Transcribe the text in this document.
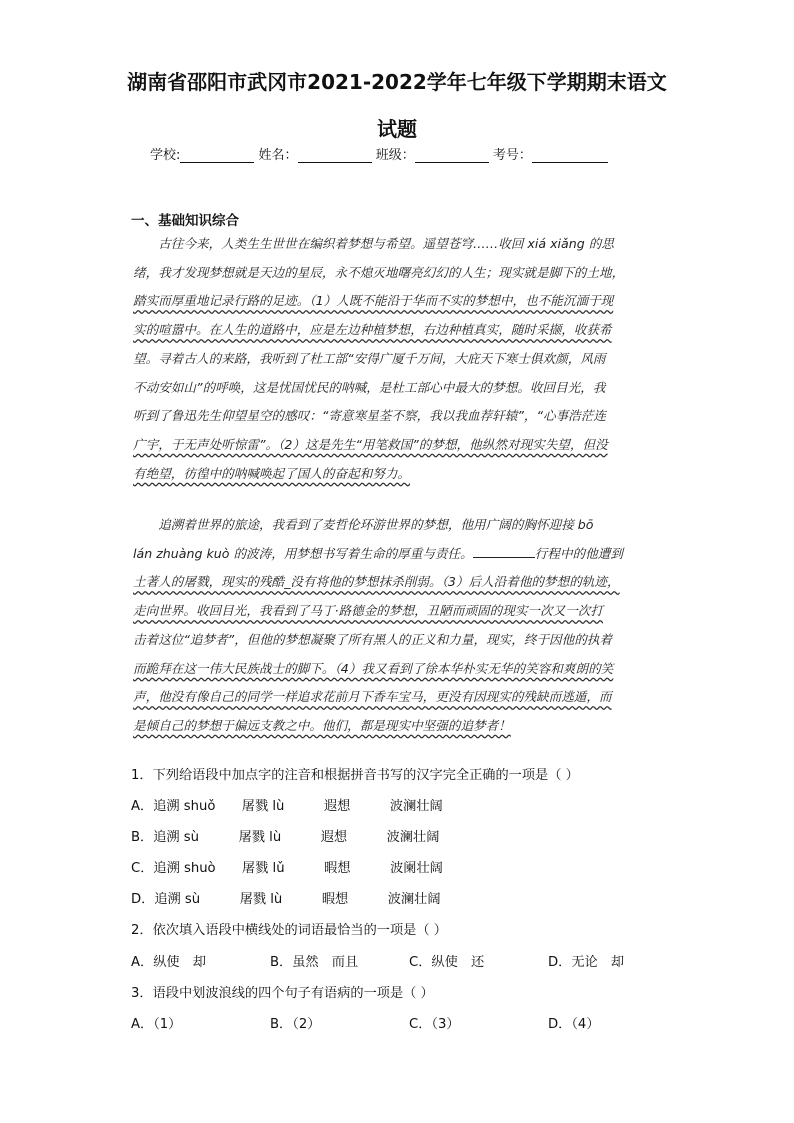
湖南省邵阳市武冈市2021-2022学年七年级下学期期末语文
试题
学校:	姓名：	班级：	考号：
一、基础知识综合
　　古往今来，人类生生世世在编织着梦想与希望。遥望苍穹……收回 xiá xiǎng 的思
绪，我才发现梦想就是天边的星辰，永不熄灭地曙亮幻幻的人生；现实就是脚下的土地，
踏实而厚重地记录行路的足迹。（1）人既不能沿于华而不实的梦想中，也不能沉湎于现
实的喧嚣中。在人生的道路中，应是左边种植梦想，右边种植真实，随时采撷，收获希
望。寻着古人的来路，我听到了杜工部“安得广厦千万间，大庇天下寒士俱欢颜，风雨
不动安如山”的呼唤，这是忧国忧民的呐喊，是杜工部心中最大的梦想。收回目光，我
听到了鲁迅先生仰望星空的感叹：“寄意寒星荃不察，我以我血荐轩辕”，“心事浩茫连
广宇，于无声处听惊雷”。（2）这是先生“用笔救国”的梦想，他纵然对现实失望，但没
有绝望，彷徨中的呐喊唤起了国人的奋起和努力。
　　追溯着世界的旅途，我看到了麦哲伦环游世界的梦想，他用广阔的胸怀迎接 bō
lán zhuàng kuò 的波涛，用梦想书写着生命的厚重与责任。	行程中的他遭到
土著人的屠戮，现实的残酷_没有将他的梦想抹杀削弱。（3）后人沿着他的梦想的轨迹，
走向世界。收回目光，我看到了马丁·路德金的梦想，丑陋而顽固的现实一次又一次打
击着这位“追梦者”，但他的梦想凝聚了所有黑人的正义和力量，现实，终于因他的执着
而跪拜在这一伟大民族战士的脚下。（4）我又看到了徐本华朴实无华的笑容和爽朗的笑
声，他没有像自己的同学一样追求花前月下香车宝马，更没有因现实的残缺而逃遁，而
是倾自己的梦想于偏远支教之中。他们，都是现实中坚强的追梦者！
1．下列给语段中加点字的注音和根据拼音书写的汉字完全正确的一项是（ ）
A．追溯 shuǒ　　屠戮 lù　　　遐想　　　波澜壮阔
B．追溯 sù　　　屠戮 lù　　　遐想　　　波澜壮阔
C．追溯 shuò　　屠戮 lǔ　　　暇想　　　波阑壮阔
D．追溯 sù　　　屠戮 lù　　　暇想　　　波澜壮阔
2．依次填入语段中横线处的词语最恰当的一项是（ ）
A．纵使　却	B．虽然　而且	C．纵使　还	D．无论　却
3．语段中划波浪线的四个句子有语病的一项是（ ）
A．（1）	B．（2）	C．（3）	D．（4）
